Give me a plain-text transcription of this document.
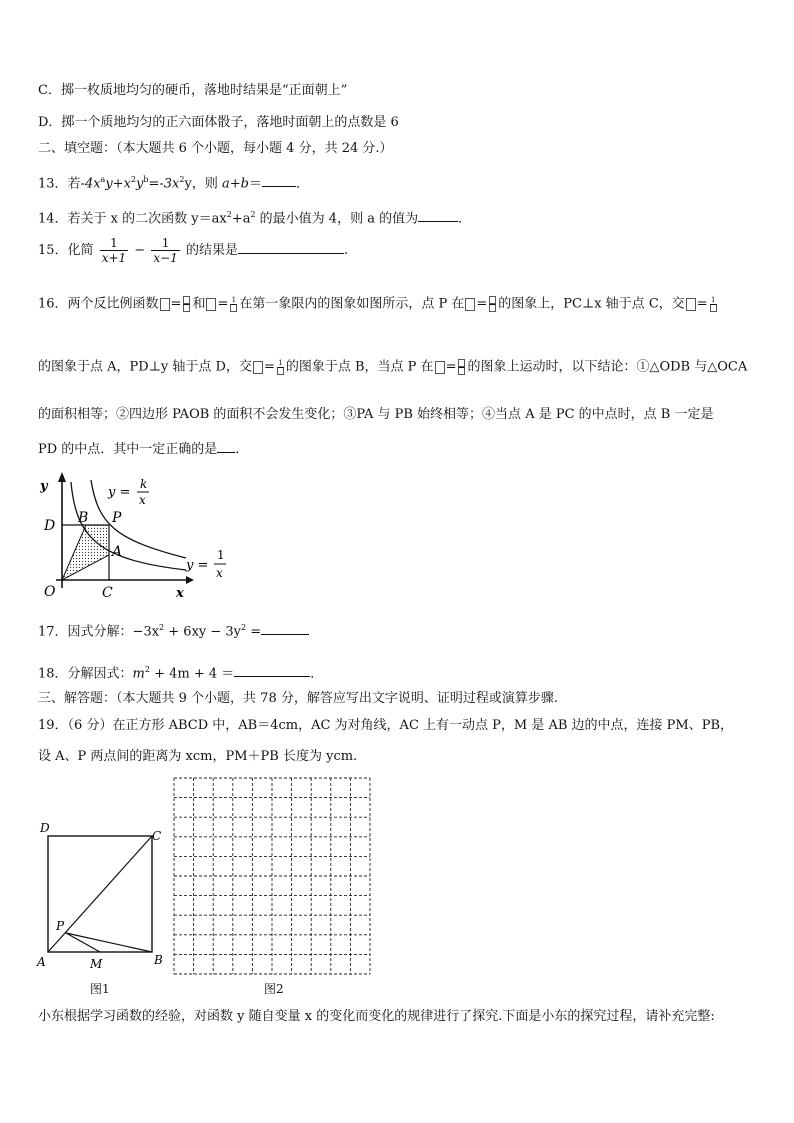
C．掷一枚质地均匀的硬币，落地时结果是“正面朝上”
D．掷一个质地均匀的正六面体骰子，落地时面朝上的点数是 6
二、填空题：（本大题共 6 个小题，每小题 4 分，共 24 分.）
13．若$-4x^ay+x^2y^b=-3x^2y$，则 a+b＝	．
14．若关于 x 的二次函数 $y=ax^2+a^2$ 的最小值为 4，则 a 的值为	．
15．化简 $\frac{1}{x+1} - \frac{1}{x-1}$ 的结果是	.
16．两个反比例函数 = 和 = 1 在第一象限内的图象如图所示，点 P 在 = 的图象上，PC⊥x 轴于点 C，交 = 1
的图象于点 A，PD⊥y 轴于点 D，交 = 1 的图象于点 B，当点 P 在 = 的图象上运动时，以下结论：①△ODB 与△OCA
的面积相等；②四边形 PAOB 的面积不会发生变化；③PA 与 PB 始终相等；④当点 A 是 PC 的中点时，点 B 一定是
PD 的中点．其中一定正确的是 ．
y
x
O
D B P
A
C
y =
k
x
y =
1
x
17．因式分解：$-3x^2 + 6xy - 3y^2$ =
18．分解因式：$m^2 + 4m + 4$ ＝	．
三、解答题：（本大题共 9 个小题，共 78 分，解答应写出文字说明、证明过程或演算步骤.
19．（6 分）在正方形 ABCD 中，AB＝4cm，AC 为对角线，AC 上有一动点 P，M 是 AB 边的中点，连接 PM、PB，
设 A、P 两点间的距离为 xcm，PM＋PB 长度为 ycm.
D
C
P
A	M	B
图1	图2
小东根据学习函数的经验，对函数 y 随自变量 x 的变化而变化的规律进行了探究.下面是小东的探究过程，请补充完整:
